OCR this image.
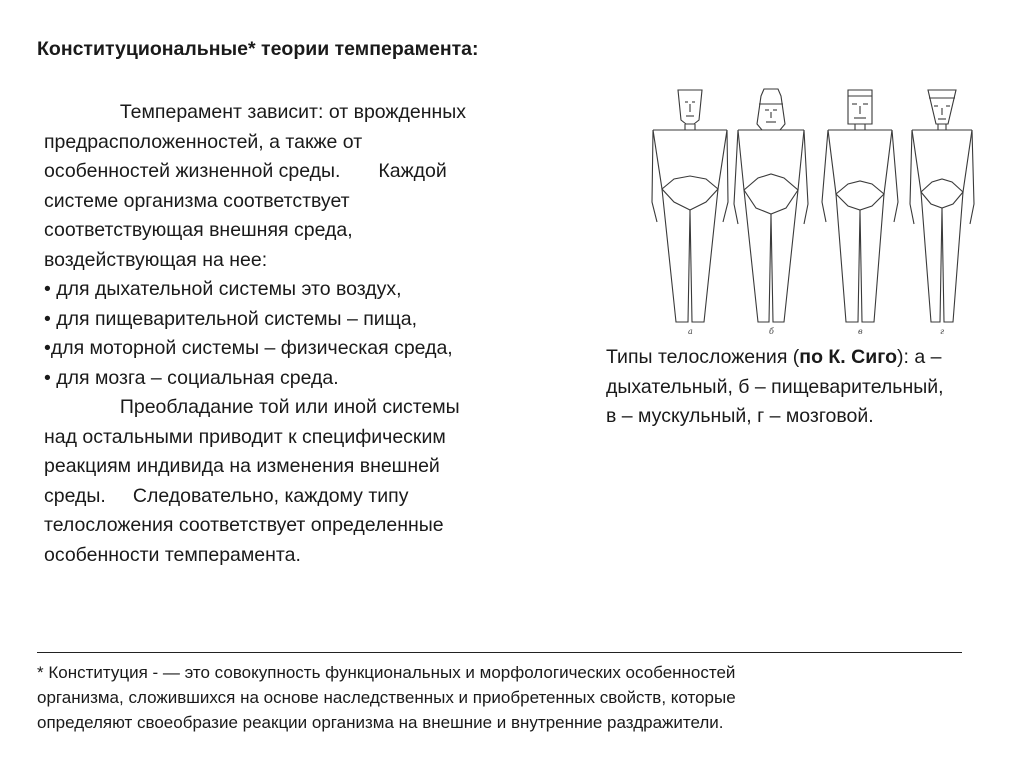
Конституциональные* теории темперамента:
Темперамент зависит: от врожденных
предрасположенностей, а также от
особенностей жизненной среды.       Каждой
системе организма соответствует
соответствующая внешняя среда,
воздействующая на нее:
• для дыхательной системы это воздух,
• для пищеварительной системы – пища,
•для моторной системы – физическая среда,
• для мозга – социальная среда.
Преобладание той или иной системы
над остальными приводит к специфическим
реакциям индивида на изменения внешней
среды.     Следовательно, каждому типу
телосложения соответствует определенные
особенности темперамента.
а	б	в	г
Типы телосложения (по К. Сиго): а –
дыхательный, б – пищеварительный,
в – мускульный, г – мозговой.
* Конституция - — это совокупность функциональных и морфологических особенностей
организма, сложившихся на основе наследственных и приобретенных свойств, которые
определяют своеобразие реакции организма на внешние и внутренние раздражители.
